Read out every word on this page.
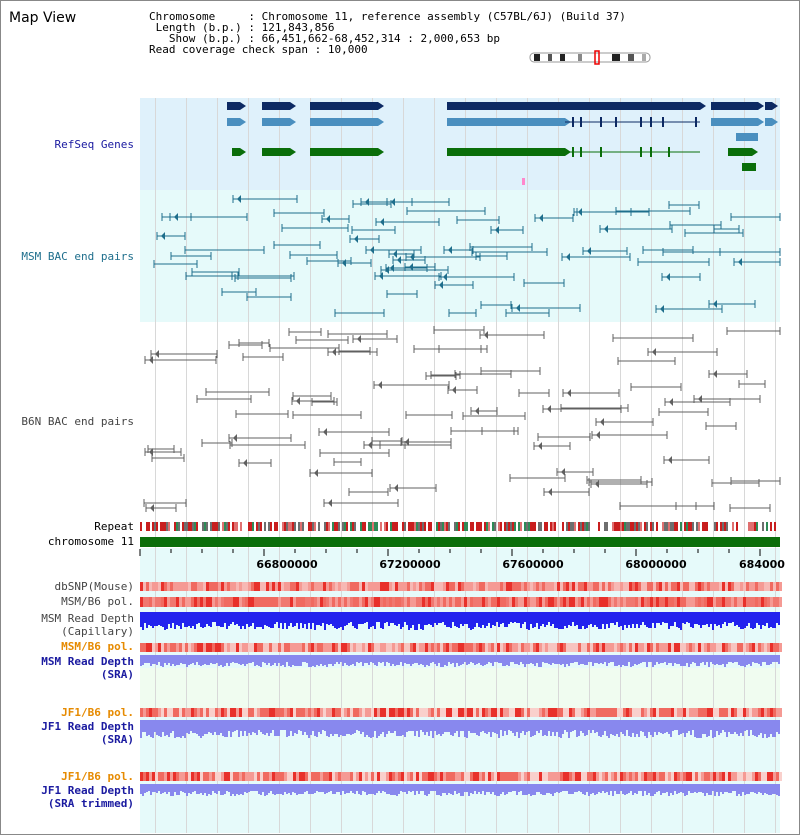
Map View	Chromosome     : Chromosome 11, reference assembly (C57BL/6J) (Build 37)
Length (b.p.) : 121,843,856
Show (b.p.) : 66,451,662-68,452,314 : 2,000,653 bp
Read coverage check span : 10,000
RefSeq Genes
MSM BAC end pairs
B6N BAC end pairs
Repeat
chromosome 11
dbSNP(Mouse)
MSM/B6 pol.
MSM Read Depth
(Capillary)
MSM/B6 pol.
MSM Read Depth
(SRA)
JF1/B6 pol.
JF1 Read Depth
(SRA)
JF1/B6 pol.
JF1 Read Depth
(SRA trimmed)
66800000	67200000	67600000	68000000	684000
